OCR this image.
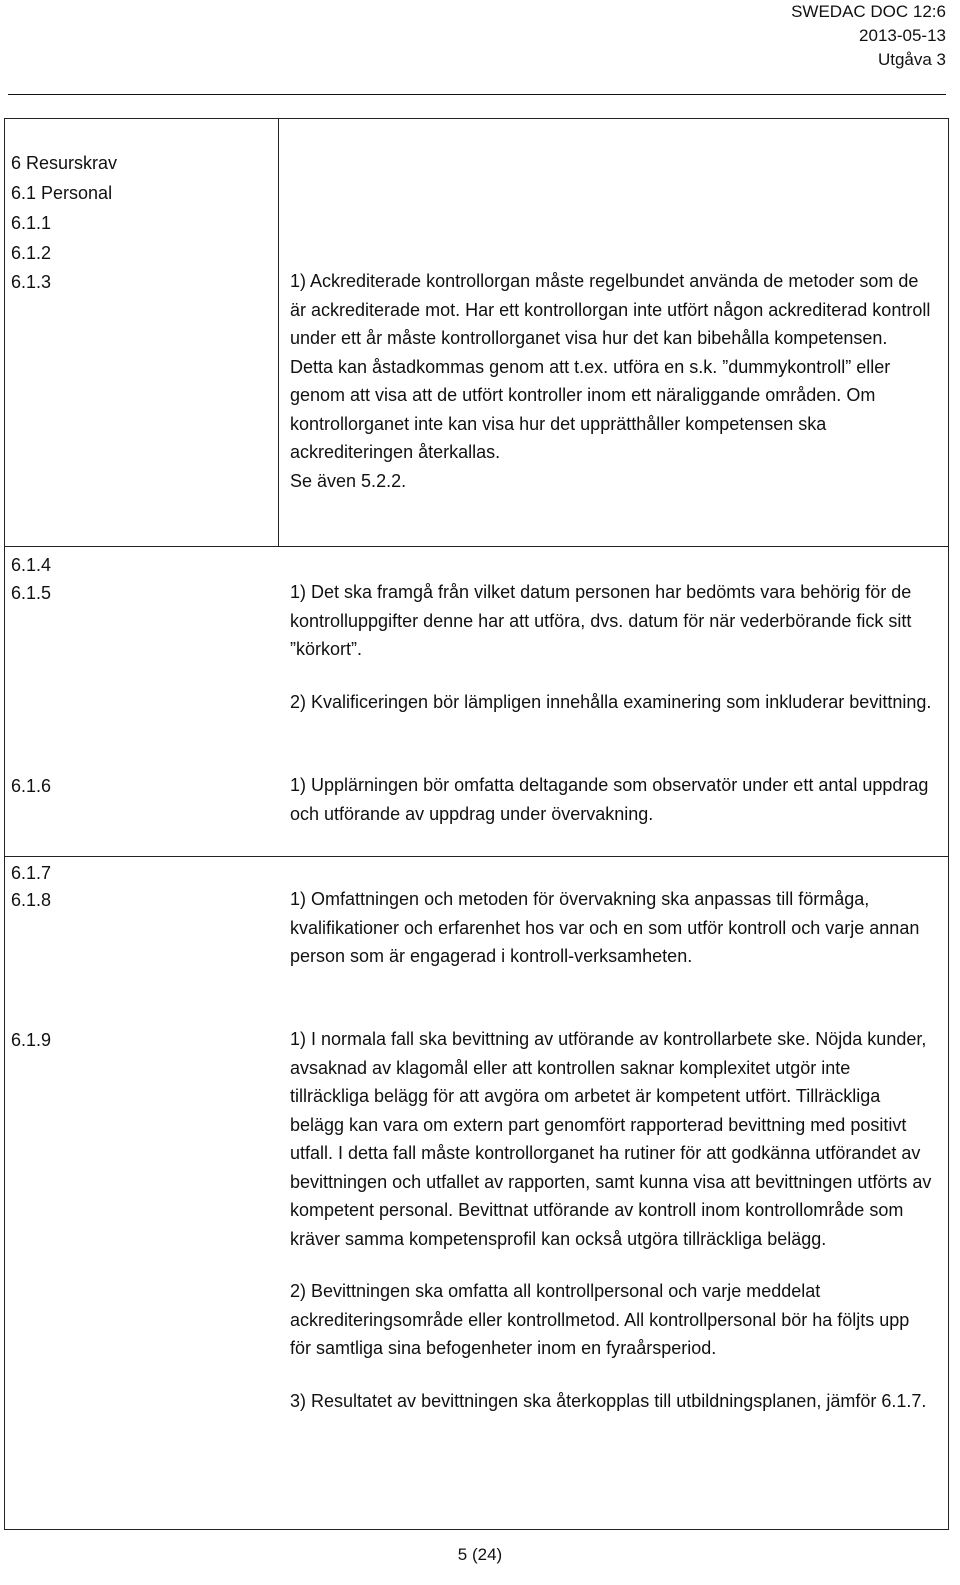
SWEDAC DOC 12:6
2013-05-13
Utgåva 3
6 Resurskrav
6.1 Personal
6.1.1
6.1.2
6.1.3
6.1.4
6.1.5
6.1.6
6.1.7
6.1.8
6.1.9

1) Ackrediterade kontrollorgan måste regelbundet använda de metoder som de är ackrediterade mot. Har ett kontrollorgan inte utfört någon ackrediterad kontroll under ett år måste kontrollorganet visa hur det kan bibehålla kompetensen. Detta kan åstadkommas genom att t.ex. utföra en s.k. ”dummykontroll” eller genom att visa att de utfört kontroller inom ett näraliggande områden. Om kontrollorganet inte kan visa hur det upprätthåller kompetensen ska ackrediteringen återkallas.

Se även 5.2.2.

1) Det ska framgå från vilket datum personen har bedömts vara behörig för de kontrolluppgifter denne har att utföra, dvs. datum för när vederbörande fick sitt ”körkort”.

2) Kvalificeringen bör lämpligen innehålla examinering som inkluderar bevittning.

1) Upplärningen bör omfatta deltagande som observatör under ett antal uppdrag och utförande av uppdrag under övervakning.

1) Omfattningen och metoden för övervakning ska anpassas till förmåga, kvalifikationer och erfarenhet hos var och en som utför kontroll och varje annan person som är engagerad i kontroll-verksamheten.

1) I normala fall ska bevittning av utförande av kontrollarbete ske. Nöjda kunder, avsaknad av klagomål eller att kontrollen saknar komplexitet utgör inte tillräckliga belägg för att avgöra om arbetet är kompetent utfört. Tillräckliga belägg kan vara om extern part genomfört rapporterad bevittning med positivt utfall. I detta fall måste kontrollorganet ha rutiner för att godkänna utförandet av bevittningen och utfallet av rapporten, samt kunna visa att bevittningen utförts av kompetent personal. Bevittnat utförande av kontroll inom kontrollområde som kräver samma kompetensprofil kan också utgöra tillräckliga belägg.

2) Bevittningen ska omfatta all kontrollpersonal och varje meddelat ackrediteringsområde eller kontrollmetod. All kontrollpersonal bör ha följts upp för samtliga sina befogenheter inom en fyraårsperiod.

3) Resultatet av bevittningen ska återkopplas till utbildningsplanen, jämför 6.1.7.

5 (24)
